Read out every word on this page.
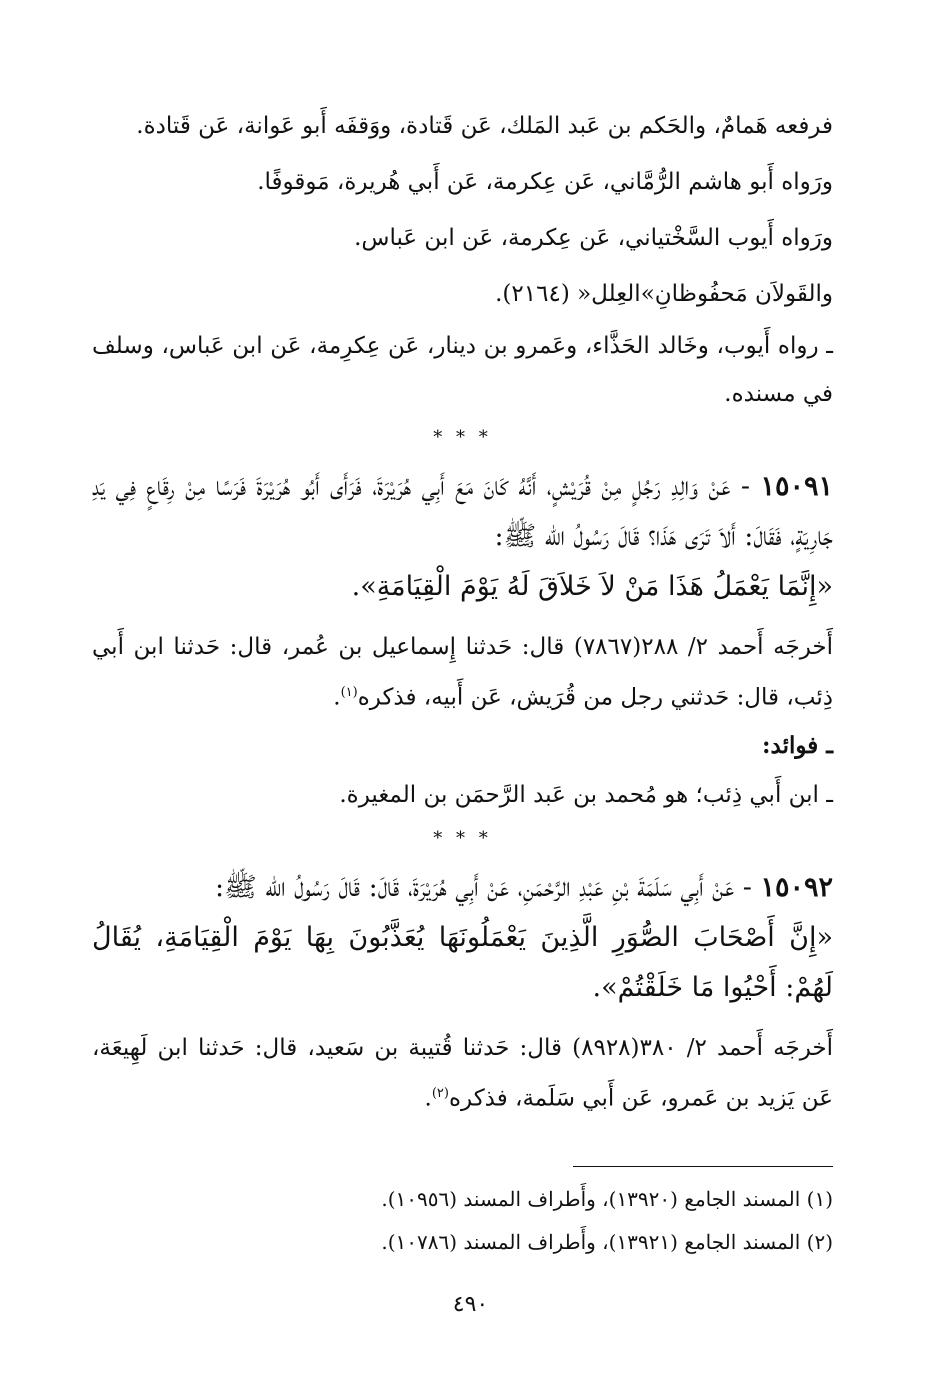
فرفعه هَمامٌ، والحَكم بن عَبد المَلك، عَن قَتادة، ووَقفَه أَبو عَوانة، عَن قَتادة.

ورَواه أَبو هاشم الرُّمَّاني، عَن عِكرمة، عَن أَبي هُريرة، مَوقوفًا.

ورَواه أَيوب السَّخْتياني، عَن عِكرمة، عَن ابن عَباس.

والقَولاَن مَحفُوظانِ»العِلل« (٢١٦٤).

ـ رواه أَيوب، وخَالد الحَذَّاء، وعَمرو بن دينار، عَن عِكرِمة، عَن ابن عَباس، وسلف في مسنده.

* * *

١٥٠٩١ - عَنْ وَالِدِ رَجُلٍ مِنْ قُرَيْشٍ، أَنَّهُ كَانَ مَعَ أَبِي هُرَيْرَةَ، فَرَأَى أَبُو هُرَيْرَةَ فَرَسًا مِنْ رِقَاعٍ فِي يَدِ جَارِيَةٍ، فَقَالَ: أَلاَ تَرَى هَذَا؟ قَالَ رَسُولُ الله ﷺ:

«إِنَّمَا يَعْمَلُ هَذَا مَنْ لاَ خَلاَقَ لَهُ يَوْمَ الْقِيَامَةِ».

أَخرجَه أَحمد ٢/ ٢٨٨(٧٨٦٧) قال: حَدثنا إِسماعيل بن عُمر، قال: حَدثنا ابن أَبي ذِئب، قال: حَدثني رجل من قُرَيش، عَن أَبيه، فذكره$^{(١)}$.

ـ فوائد:

ـ ابن أَبي ذِئب؛ هو مُحمد بن عَبد الرَّحمَن بن المغيرة.

* * *

١٥٠٩٢ - عَنْ أَبِي سَلَمَةَ بْنِ عَبْدِ الرَّحْمَنِ، عَنْ أَبِي هُرَيْرَةَ، قَالَ: قَالَ رَسُولُ الله ﷺ:

«إِنَّ أَصْحَابَ الصُّوَرِ الَّذِينَ يَعْمَلُونَهَا يُعَذَّبُونَ بِهَا يَوْمَ الْقِيَامَةِ، يُقَالُ لَهُمْ: أَحْيُوا مَا خَلَقْتُمْ».

أَخرجَه أَحمد ٢/ ٣٨٠(٨٩٢٨) قال: حَدثنا قُتيبة بن سَعيد، قال: حَدثنا ابن لَهِيعَة، عَن يَزيد بن عَمرو، عَن أَبي سَلَمة، فذكره$^{(٢)}$.

(١) المسند الجامع (١٣٩٢٠)، وأَطراف المسند (١٠٩٥٦).

(٢) المسند الجامع (١٣٩٢١)، وأَطراف المسند (١٠٧٨٦).

٤٩٠
